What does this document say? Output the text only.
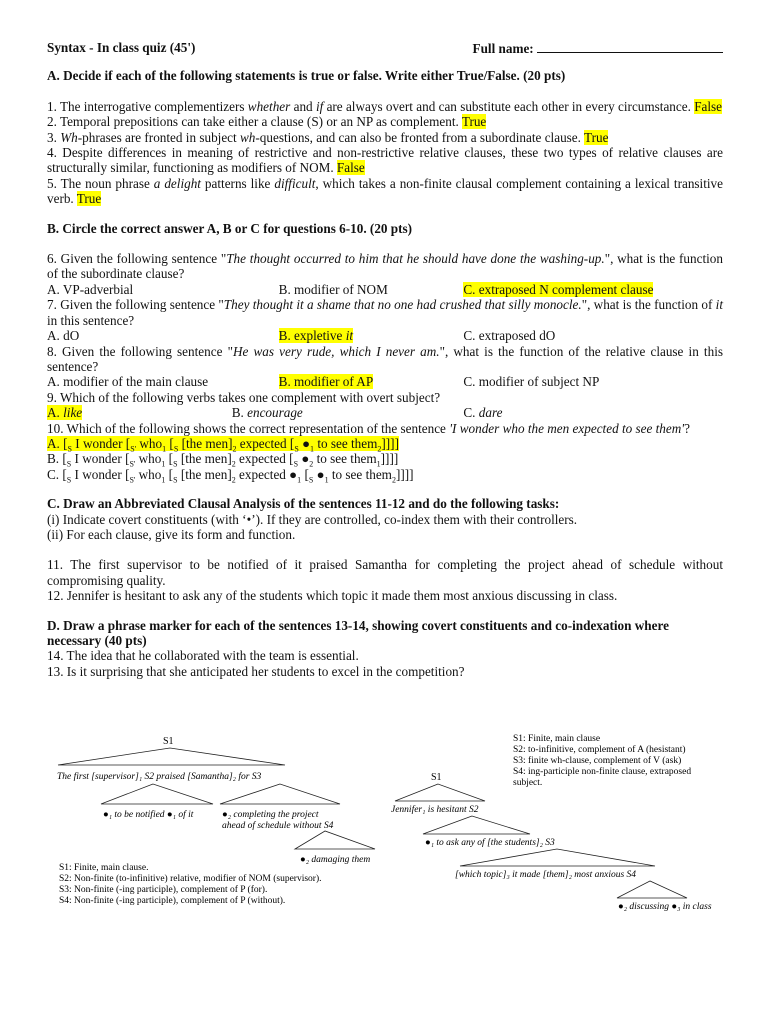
Syntax - In class quiz (45')	Full name:

A. Decide if each of the following statements is true or false. Write either True/False. (20 pts)

1. The interrogative complementizers whether and if are always overt and can substitute each other in every circumstance. False

2. Temporal prepositions can take either a clause (S) or an NP as complement. True

3. Wh-phrases are fronted in subject wh-questions, and can also be fronted from a subordinate clause. True

4. Despite differences in meaning of restrictive and non-restrictive relative clauses, these two types of relative clauses are structurally similar, functioning as modifiers of NOM. False

5. The noun phrase a delight patterns like difficult, which takes a non-finite clausal complement containing a lexical transitive verb. True

B. Circle the correct answer A, B or C for questions 6-10. (20 pts)

6. Given the following sentence "The thought occurred to him that he should have done the washing-up.", what is the function of the subordinate clause?

A. VP-adverbial	B. modifier of NOM	C. extraposed N complement clause

7. Given the following sentence "They thought it a shame that no one had crushed that silly monocle.", what is the function of it in this sentence?

A. dO	B. expletive it	C. extraposed dO

8. Given the following sentence "He was very rude, which I never am.", what is the function of the relative clause in this sentence?

A. modifier of the main clause	B. modifier of AP	C. modifier of subject NP

9. Which of the following verbs takes one complement with overt subject?

A. like	B. encourage	C. dare

10. Which of the following shows the correct representation of the sentence 'I wonder who the men expected to see them'?

A. [$_S$ I wonder [$_{S'}$ who$_1$ [$_S$ [the $men]_2$ expected [$_S$ $●_1$ to see them$_2$]]]]

B. [$_S$ I wonder [$_{S'}$ who$_1$ [$_S$ [the $men]_2$ expected [$_S$ $●_2$ to see them$_1$]]]]

C. [$_S$ I wonder [$_{S'}$ who$_1$ [$_S$ [the $men]_2$ expected $●_1$ [$_S$ $●_1$ to see them$_2$]]]]

C. Draw an Abbreviated Clausal Analysis of the sentences 11-12 and do the following tasks:

(i) Indicate covert constituents (with ‘•’). If they are controlled, co-index them with their controllers.

(ii) For each clause, give its form and function.

11. The first supervisor to be notified of it praised Samantha for completing the project ahead of schedule without compromising quality.

12. Jennifer is hesitant to ask any of the students which topic it made them most anxious discussing in class.

D. Draw a phrase marker for each of the sentences 13-14, showing covert constituents and co-indexation where necessary (40 pts)

14. The idea that he collaborated with the team is essential.

13. Is it surprising that she anticipated her students to excel in the competition?

S1
The first [supervisor]₁ S2 praised [Samantha]₂ for S3
●₁ to be notified ●₁ of it	●₂ completing the project
ahead of schedule without S4
●₂ damaging them
S1: Finite, main clause.
S2: Non-finite (to-infinitive) relative, modifier of NOM (supervisor).
S3: Non-finite (-ing participle), complement of P (for).
S4: Non-finite (-ing participle), complement of P (without).
S1
Jennifer₁ is hesitant S2
●₁ to ask any of [the students]₂ S3
[which topic]₃ it made [them]₂ most anxious S4
●₂ discussing ●₃ in class
S1: Finite, main clause
S2: to-infinitive, complement of A (hesistant)
S3: finite wh-clause, complement of V (ask)
S4: ing-participle non-finite clause, extraposed
subject.
